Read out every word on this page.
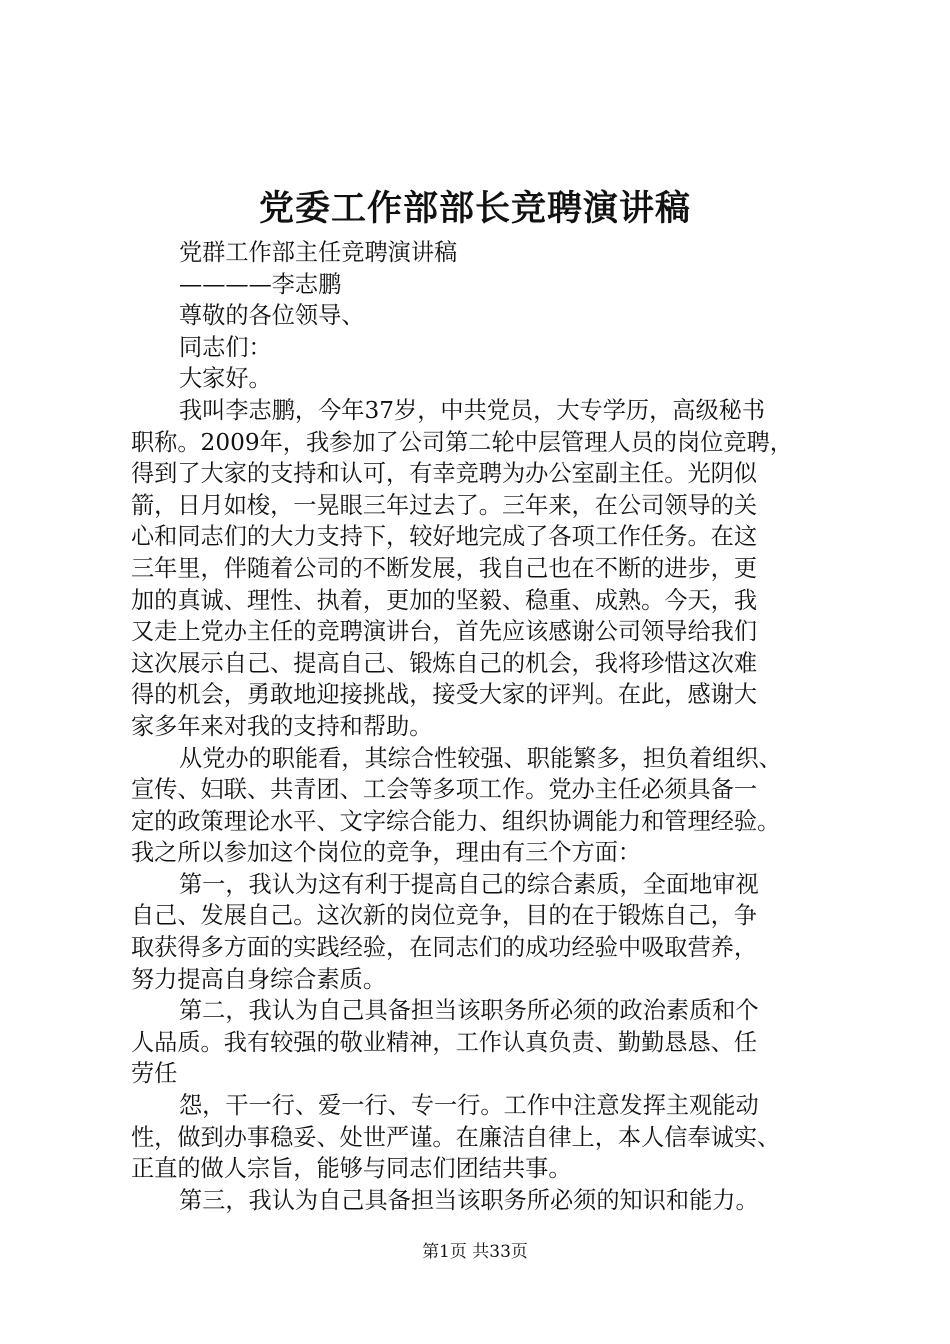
党委工作部部长竞聘演讲稿
党群工作部主任竞聘演讲稿
————李志鹏
尊敬的各位领导、
同志们：
大家好。
我叫李志鹏，今年37岁，中共党员，大专学历，高级秘书
职称。2009年，我参加了公司第二轮中层管理人员的岗位竞聘，
得到了大家的支持和认可，有幸竞聘为办公室副主任。光阴似
箭，日月如梭，一晃眼三年过去了。三年来，在公司领导的关
心和同志们的大力支持下，较好地完成了各项工作任务。在这
三年里，伴随着公司的不断发展，我自己也在不断的进步，更
加的真诚、理性、执着，更加的坚毅、稳重、成熟。今天，我
又走上党办主任的竞聘演讲台，首先应该感谢公司领导给我们
这次展示自己、提高自己、锻炼自己的机会，我将珍惜这次难
得的机会，勇敢地迎接挑战，接受大家的评判。在此，感谢大
家多年来对我的支持和帮助。
从党办的职能看，其综合性较强、职能繁多，担负着组织、
宣传、妇联、共青团、工会等多项工作。党办主任必须具备一
定的政策理论水平、文字综合能力、组织协调能力和管理经验。
我之所以参加这个岗位的竞争，理由有三个方面：
第一，我认为这有利于提高自己的综合素质，全面地审视
自己、发展自己。这次新的岗位竞争，目的在于锻炼自己，争
取获得多方面的实践经验，在同志们的成功经验中吸取营养，
努力提高自身综合素质。
第二，我认为自己具备担当该职务所必须的政治素质和个
人品质。我有较强的敬业精神，工作认真负责、勤勤恳恳、任
劳任
怨，干一行、爱一行、专一行。工作中注意发挥主观能动
性，做到办事稳妥、处世严谨。在廉洁自律上，本人信奉诚实、
正直的做人宗旨，能够与同志们团结共事。
第三，我认为自己具备担当该职务所必须的知识和能力。
第1页 共33页
